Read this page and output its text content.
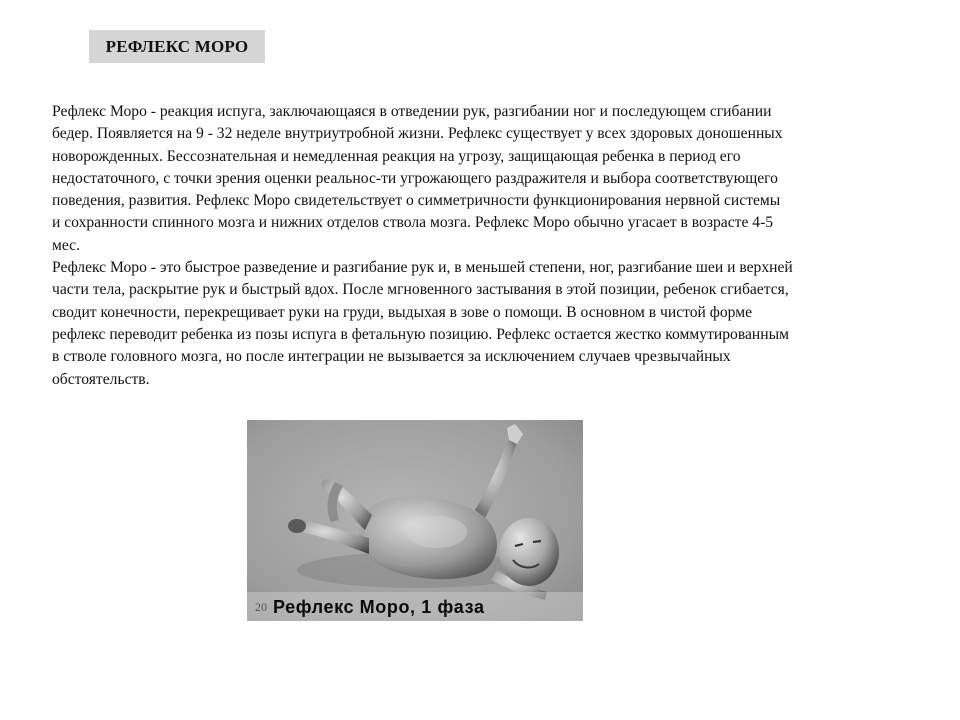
РЕФЛЕКС МОРО

Рефлекс Моро - реакция испуга, заключающаяся в отведении рук, разгибании ног и последующем сгибании
бедер. Появляется на 9 - 32 неделе внутриутробной жизни. Рефлекс существует у всех здоровых доношенных
новорожденных. Бессознательная и немедленная реакция на угрозу, защищающая ребенка в период его
недостаточного, с точки зрения оценки реальнос-ти угрожающего раздражителя и выбора соответствующего
поведения, развития. Рефлекс Моро свидетельствует о симметричности функционирования нервной системы
и сохранности спинного мозга и нижних отделов ствола мозга. Рефлекс Моро обычно угасает в возрасте 4-5
мес.

Рефлекс Моро - это быстрое разведение и разгибание рук и, в меньшей степени, ног, разгибание шеи и верхней
части тела, раскрытие рук и быстрый вдох. После мгновенного застывания в этой позиции, ребенок сгибается,
сводит конечности, перекрещивает руки на груди, выдыхая в зове о помощи. В основном в чистой форме
рефлекс переводит ребенка из позы испуга в фетальную позицию. Рефлекс остается жестко коммутированным
в стволе головного мозга, но после интеграции не вызывается за исключением случаев чрезвычайных
обстоятельств.

20 Рефлекс Моро, 1 фаза
